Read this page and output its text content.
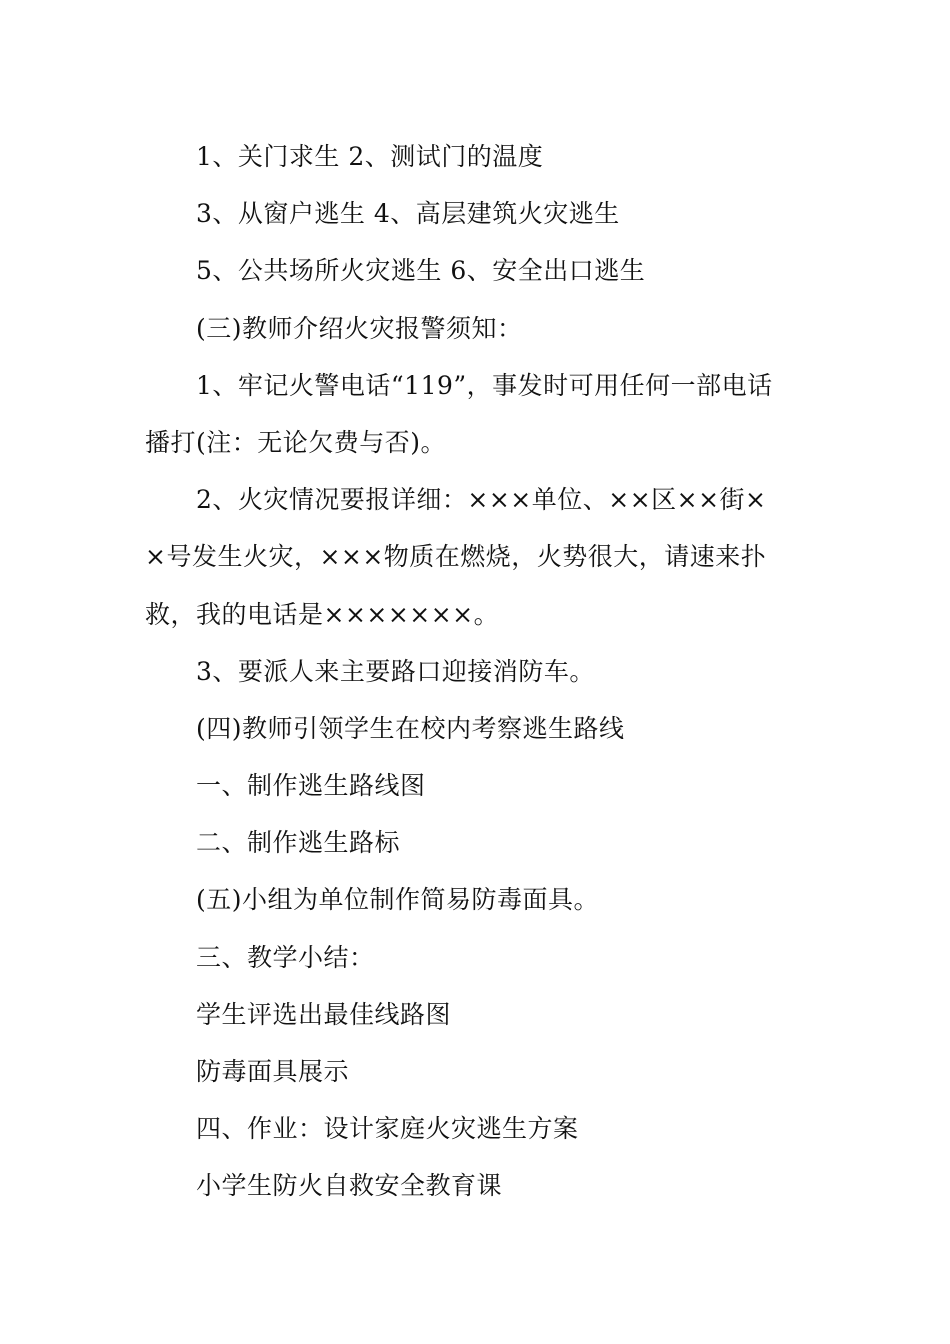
1、关门求生 2、测试门的温度
3、从窗户逃生 4、高层建筑火灾逃生
5、公共场所火灾逃生 6、安全出口逃生
(三)教师介绍火灾报警须知：
1、牢记火警电话“119”，事发时可用任何一部电话
播打(注：无论欠费与否)。
2、火灾情况要报详细：×××单位、××区××街×
×号发生火灾，×××物质在燃烧，火势很大，请速来扑
救，我的电话是×××××××。
3、要派人来主要路口迎接消防车。
(四)教师引领学生在校内考察逃生路线
一、制作逃生路线图
二、制作逃生路标
(五)小组为单位制作简易防毒面具。
三、教学小结：
学生评选出最佳线路图
防毒面具展示
四、作业：设计家庭火灾逃生方案
小学生防火自救安全教育课
